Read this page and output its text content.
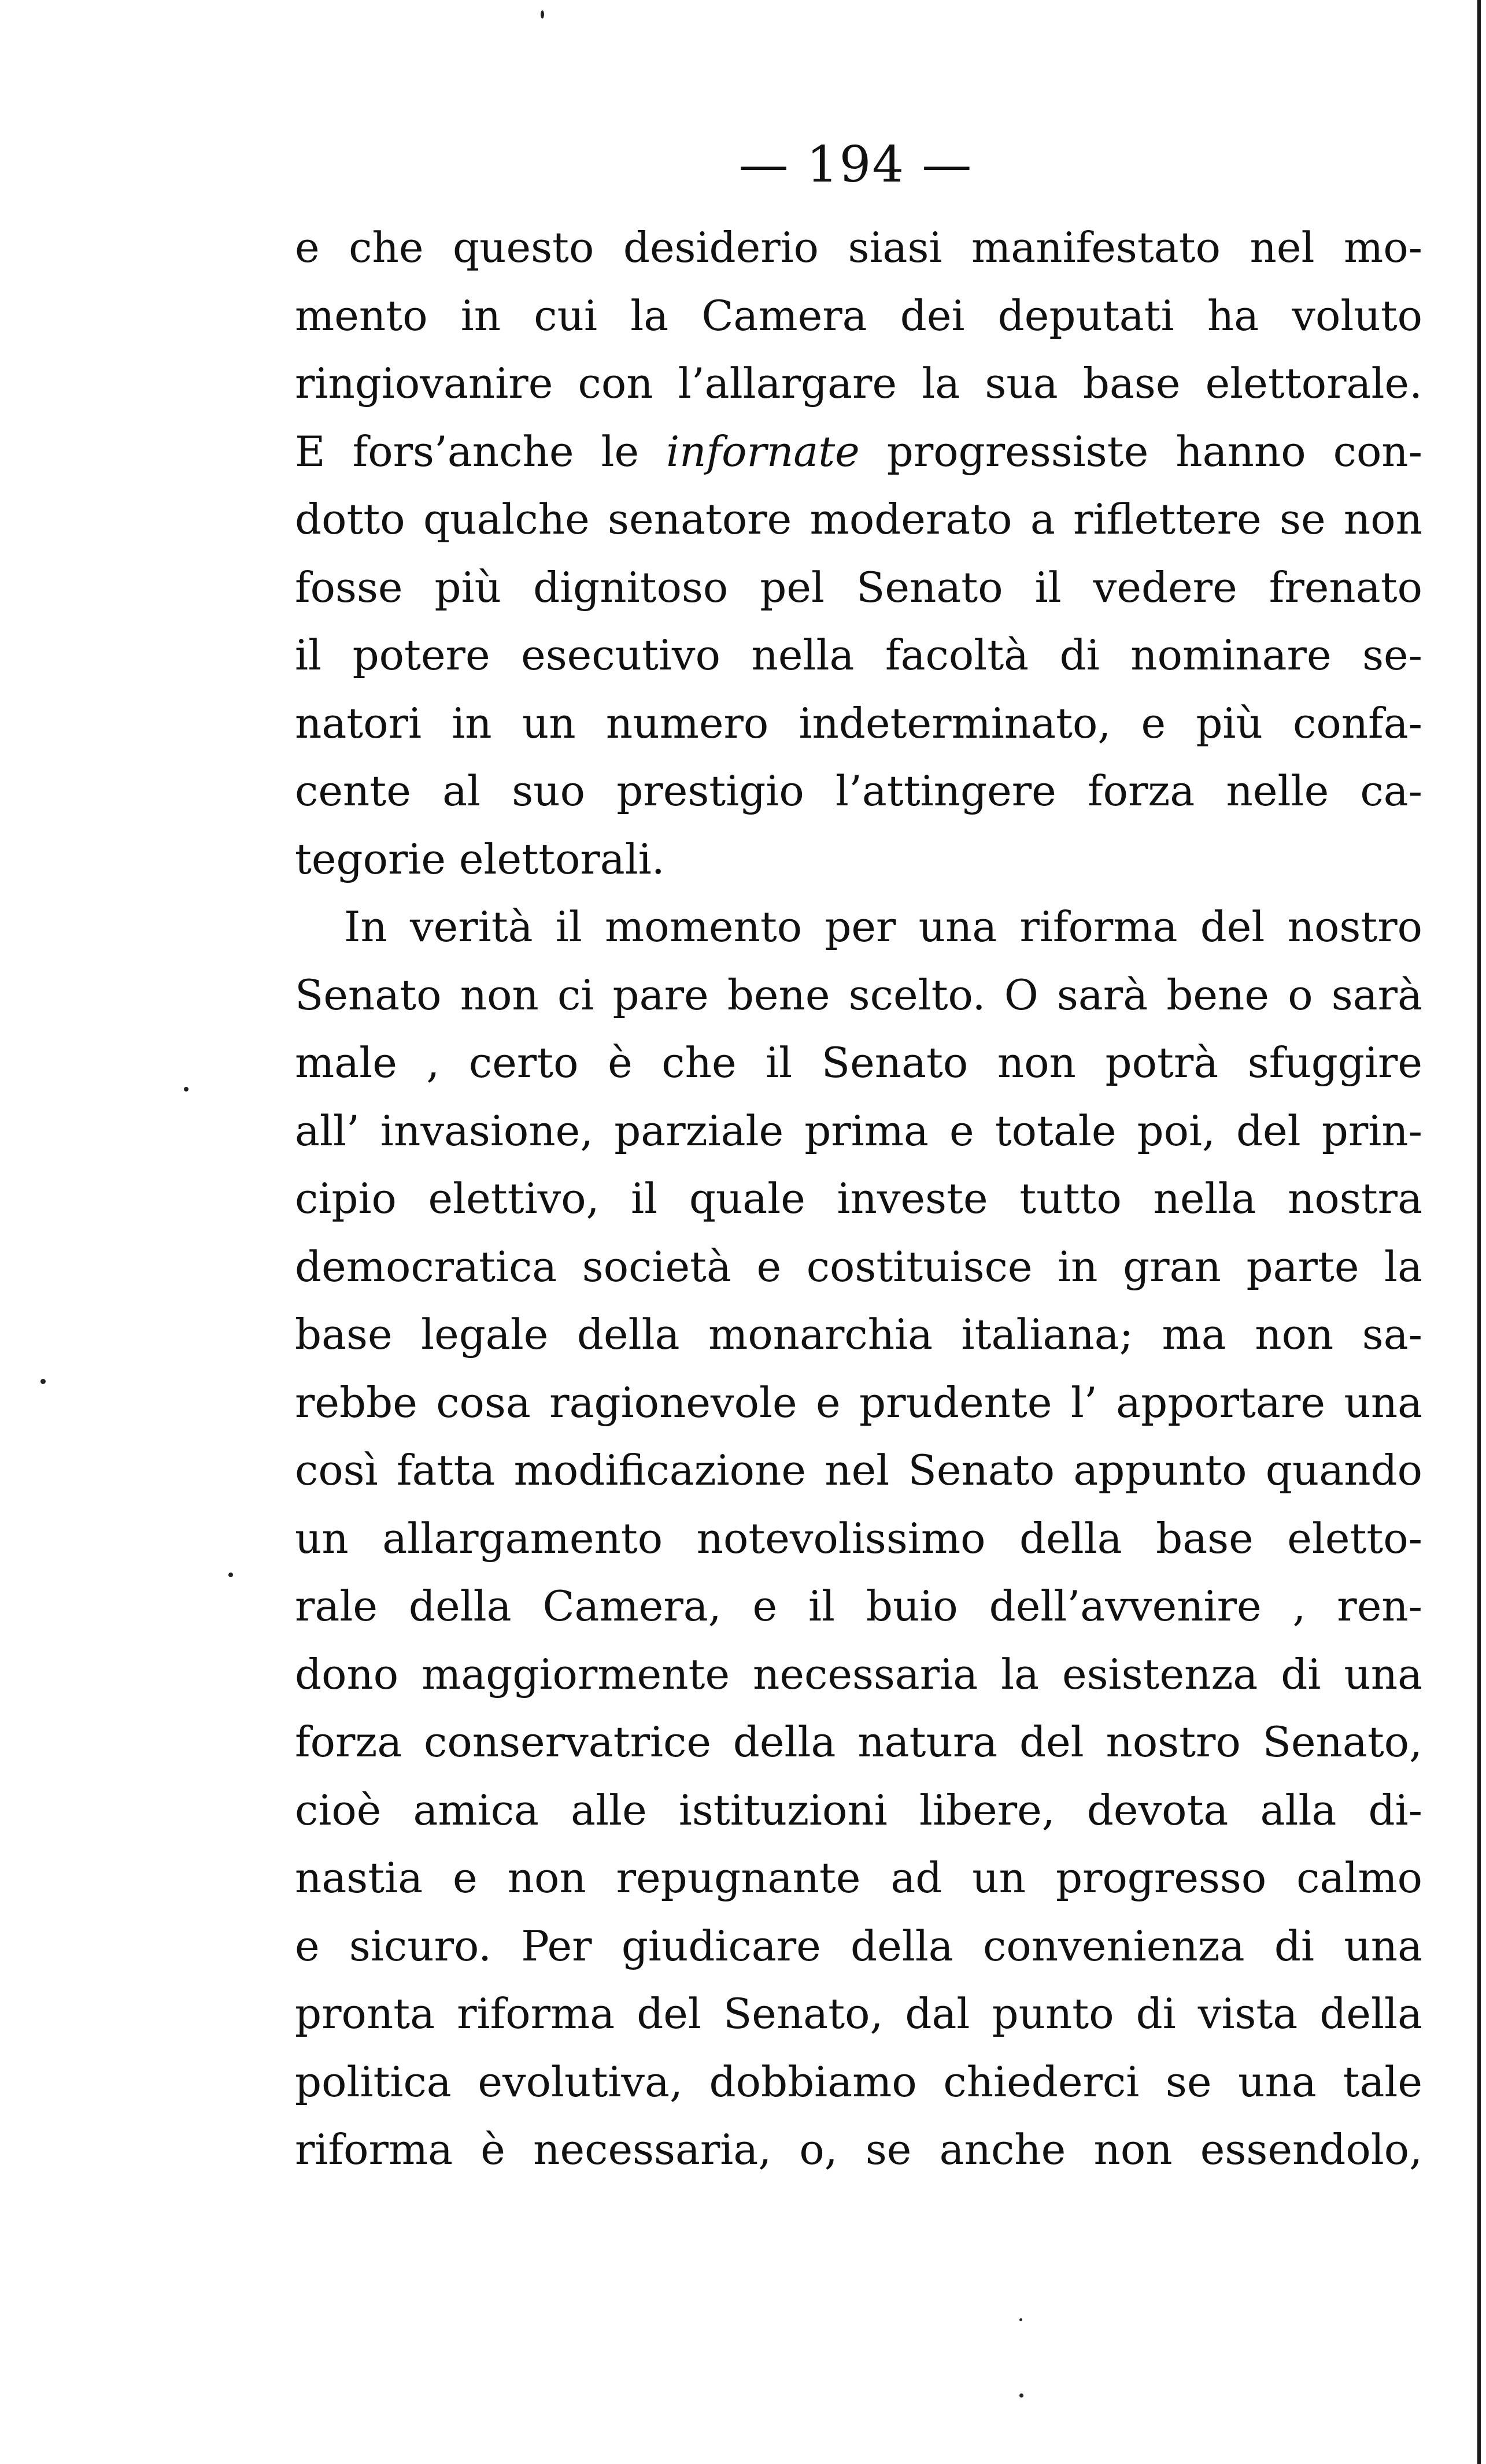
— 194 —
e che questo desiderio siasi manifestato nel mo-
mento in cui la Camera dei deputati ha voluto
ringiovanire con l’allargare la sua base elettorale.
E fors’anche le infornate progressiste hanno con-
dotto qualche senatore moderato a riflettere se non
fosse più dignitoso pel Senato il vedere frenato
il potere esecutivo nella facoltà di nominare se-
natori in un numero indeterminato, e più confa-
cente al suo prestigio l’attingere forza nelle ca-
tegorie elettorali.
In verità il momento per una riforma del nostro
Senato non ci pare bene scelto. O sarà bene o sarà
male , certo è che il Senato non potrà sfuggire
all’ invasione, parziale prima e totale poi, del prin-
cipio elettivo, il quale investe tutto nella nostra
democratica società e costituisce in gran parte la
base legale della monarchia italiana; ma non sa-
rebbe cosa ragionevole e prudente l’ apportare una
così fatta modificazione nel Senato appunto quando
un allargamento notevolissimo della base eletto-
rale della Camera, e il buio dell’avvenire , ren-
dono maggiormente necessaria la esistenza di una
forza conservatrice della natura del nostro Senato,
cioè amica alle istituzioni libere, devota alla di-
nastia e non repugnante ad un progresso calmo
e sicuro. Per giudicare della convenienza di una
pronta riforma del Senato, dal punto di vista della
politica evolutiva, dobbiamo chiederci se una tale
riforma è necessaria, o, se anche non essendolo,
